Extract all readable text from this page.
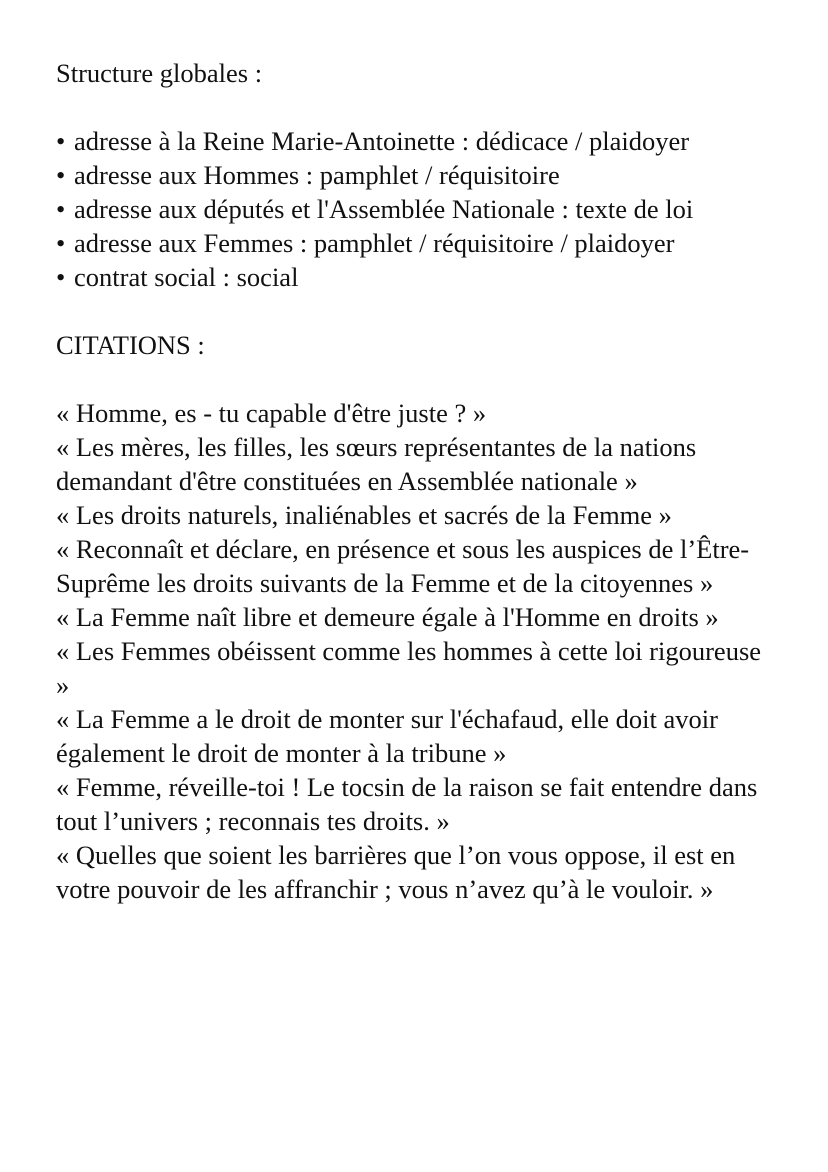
Structure globales :

• adresse à la Reine Marie-Antoinette : dédicace / plaidoyer
• adresse aux Hommes : pamphlet / réquisitoire
• adresse aux députés et l'Assemblée Nationale : texte de loi
• adresse aux Femmes : pamphlet / réquisitoire / plaidoyer
• contrat social : social

CITATIONS :

« Homme, es - tu capable d'être juste ? »

« Les mères, les filles, les sœurs représentantes de la nations demandant d'être constituées en Assemblée nationale »

« Les droits naturels, inaliénables et sacrés de la Femme »

« Reconnaît et déclare, en présence et sous les auspices de l’Être-Suprême les droits suivants de la Femme et de la citoyennes »

« La Femme naît libre et demeure égale à l'Homme en droits »

« Les Femmes obéissent comme les hommes à cette loi rigoureuse »

« La Femme a le droit de monter sur l'échafaud, elle doit avoir également le droit de monter à la tribune »

« Femme, réveille-toi ! Le tocsin de la raison se fait entendre dans tout l’univers ; reconnais tes droits. »

« Quelles que soient les barrières que l’on vous oppose, il est en votre pouvoir de les affranchir ; vous n’avez qu’à le vouloir. »
